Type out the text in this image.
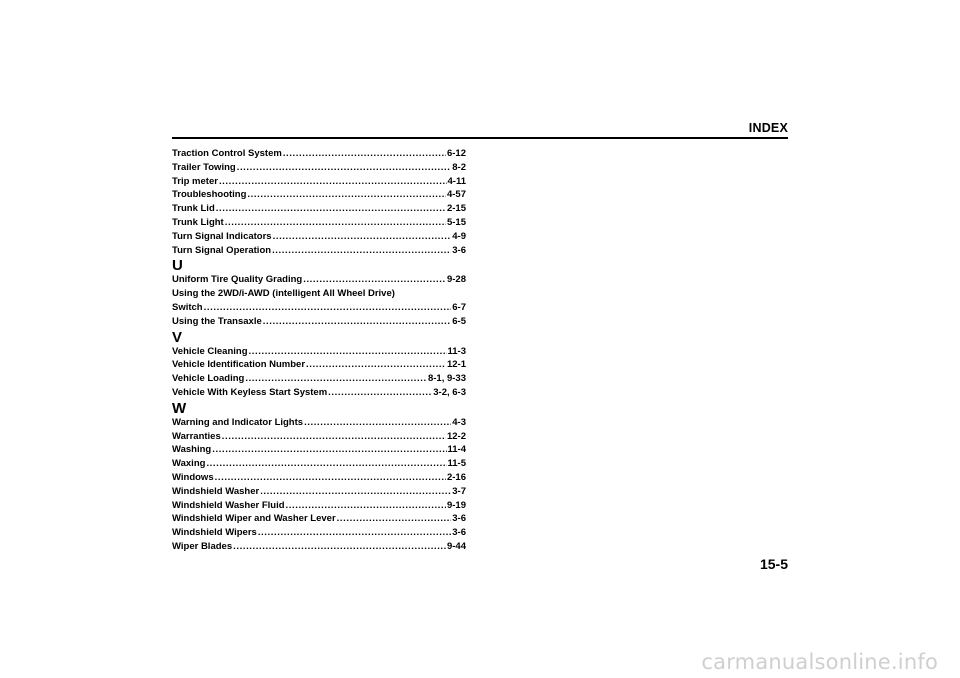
INDEX
Traction Control System .....	6-12
Trailer Towing .....	8-2
Trip meter .....	4-11
Troubleshooting .....	4-57
Trunk Lid .....	2-15
Trunk Light .....	5-15
Turn Signal Indicators .....	4-9
Turn Signal Operation .....	3-6
U
Uniform Tire Quality Grading .....	9-28
Using the 2WD/i-AWD (intelligent All Wheel Drive)
Switch .....	6-7
Using the Transaxle .....	6-5
V
Vehicle Cleaning .....	11-3
Vehicle Identification Number .....	12-1
Vehicle Loading .....	8-1, 9-33
Vehicle With Keyless Start System .....	3-2, 6-3
W
Warning and Indicator Lights .....	4-3
Warranties .....	12-2
Washing .....	11-4
Waxing .....	11-5
Windows .....	2-16
Windshield Washer .....	3-7
Windshield Washer Fluid .....	9-19
Windshield Wiper and Washer Lever .....	3-6
Windshield Wipers .....	3-6
Wiper Blades .....	9-44
15-5
carmanualsonline.info
